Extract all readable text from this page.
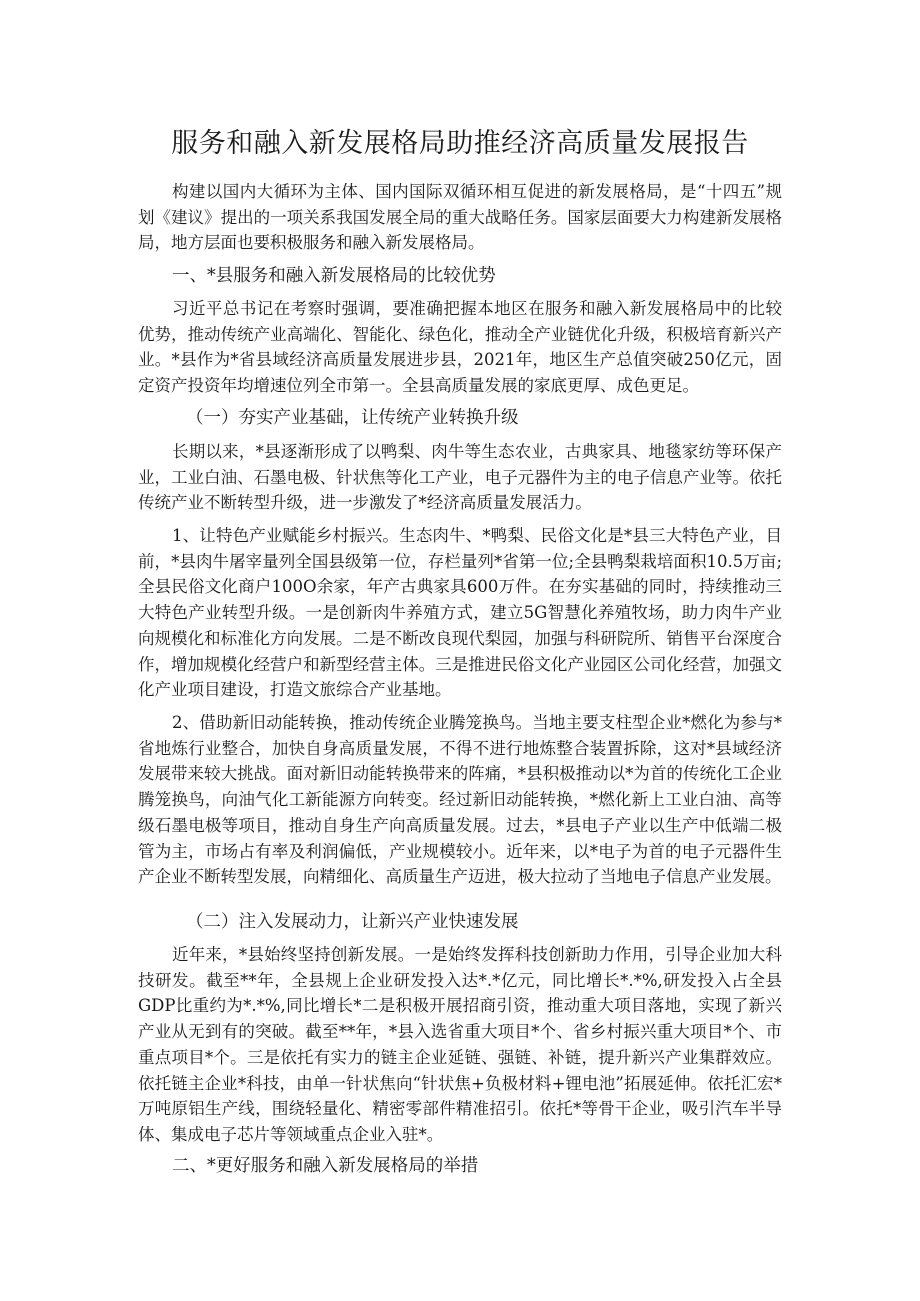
服务和融入新发展格局助推经济高质量发展报告

构建以国内大循环为主体、国内国际双循环相互促进的新发展格局，是“十四五”规划《建议》提出的一项关系我国发展全局的重大战略任务。国家层面要大力构建新发展格局，地方层面也要积极服务和融入新发展格局。

一、*县服务和融入新发展格局的比较优势

习近平总书记在考察时强调，要准确把握本地区在服务和融入新发展格局中的比较优势，推动传统产业高端化、智能化、绿色化，推动全产业链优化升级，积极培育新兴产业。*县作为*省县域经济高质量发展进步县，2021年，地区生产总值突破250亿元，固定资产投资年均增速位列全市第一。全县高质量发展的家底更厚、成色更足。

（一）夯实产业基础，让传统产业转换升级

长期以来，*县逐渐形成了以鸭梨、肉牛等生态农业，古典家具、地毯家纺等环保产业，工业白油、石墨电极、针状焦等化工产业，电子元器件为主的电子信息产业等。依托传统产业不断转型升级，进一步激发了*经济高质量发展活力。

1、让特色产业赋能乡村振兴。生态肉牛、*鸭梨、民俗文化是*县三大特色产业，目前，*县肉牛屠宰量列全国县级第一位，存栏量列*省第一位;全县鸭梨栽培面积10.5万亩;全县民俗文化商户100O余家，年产古典家具600万件。在夯实基础的同时，持续推动三大特色产业转型升级。一是创新肉牛养殖方式，建立5G智慧化养殖牧场，助力肉牛产业向规模化和标准化方向发展。二是不断改良现代梨园，加强与科研院所、销售平台深度合作，增加规模化经营户和新型经营主体。三是推进民俗文化产业园区公司化经营，加强文化产业项目建设，打造文旅综合产业基地。

2、借助新旧动能转换，推动传统企业腾笼换鸟。当地主要支柱型企业*燃化为参与*省地炼行业整合，加快自身高质量发展，不得不进行地炼整合装置拆除，这对*县域经济发展带来较大挑战。面对新旧动能转换带来的阵痛，*县积极推动以*为首的传统化工企业腾笼换鸟，向油气化工新能源方向转变。经过新旧动能转换，*燃化新上工业白油、高等级石墨电极等项目，推动自身生产向高质量发展。过去，*县电子产业以生产中低端二极管为主，市场占有率及利润偏低，产业规模较小。近年来，以*电子为首的电子元器件生产企业不断转型发展，向精细化、高质量生产迈进，极大拉动了当地电子信息产业发展。

（二）注入发展动力，让新兴产业快速发展

近年来，*县始终坚持创新发展。一是始终发挥科技创新助力作用，引导企业加大科技研发。截至**年，全县规上企业研发投入达*.*亿元，同比增长*.*%,研发投入占全县GDP比重约为*.*%,同比增长*二是积极开展招商引资，推动重大项目落地，实现了新兴产业从无到有的突破。截至**年，*县入选省重大项目*个、省乡村振兴重大项目*个、市重点项目*个。三是依托有实力的链主企业延链、强链、补链，提升新兴产业集群效应。依托链主企业*科技，由单一针状焦向“针状焦+负极材料+锂电池”拓展延伸。依托汇宏*万吨原铝生产线，围绕轻量化、精密零部件精准招引。依托*等骨干企业，吸引汽车半导体、集成电子芯片等领域重点企业入驻*。

二、*更好服务和融入新发展格局的举措
